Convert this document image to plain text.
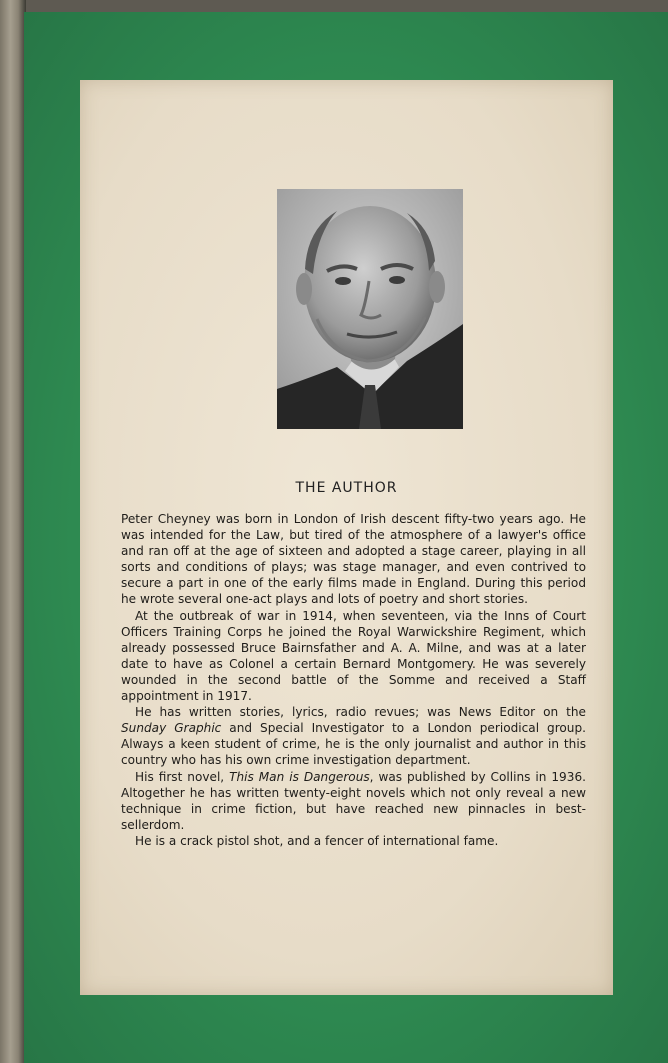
THE AUTHOR

Peter Cheyney was born in London of Irish descent fifty-two years ago. He was intended for the Law, but tired of the atmosphere of a lawyer's office and ran off at the age of sixteen and adopted a stage career, playing in all sorts and conditions of plays; was stage manager, and even contrived to secure a part in one of the early films made in England. During this period he wrote several one-act plays and lots of poetry and short stories.

At the outbreak of war in 1914, when seventeen, via the Inns of Court Officers Training Corps he joined the Royal Warwickshire Regiment, which already possessed Bruce Bairnsfather and A. A. Milne, and was at a later date to have as Colonel a certain Bernard Montgomery. He was severely wounded in the second battle of the Somme and received a Staff appointment in 1917.

He has written stories, lyrics, radio revues; was News Editor on the Sunday Graphic and Special Investigator to a London periodical group. Always a keen student of crime, he is the only journalist and author in this country who has his own crime investigation department.

His first novel, This Man is Dangerous, was published by Collins in 1936. Altogether he has written twenty-eight novels which not only reveal a new technique in crime fiction, but have reached new pinnacles in best-sellerdom.

He is a crack pistol shot, and a fencer of international fame.
